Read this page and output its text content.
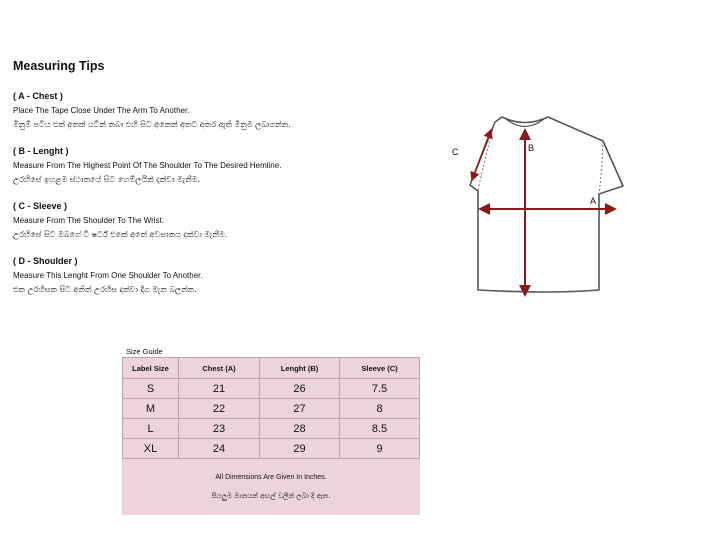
Measuring Tips
( A - Chest )
Place The Tape Close Under The Arm To Another.
මිනුම් පටිය එක් අතක් යටින් තබා එහි සිට අනෙක් අතට අතර ඇති මිනුම ලබාගන්න.
( B - Lenght )
Measure From The Highest Point Of The Shoulder To The Desired Hemline.
උරහිසේ ඉහළම ස්ථානයේ සිට හෙම්ලයින් දක්වා මැනීම.
( C - Sleeve )
Measure From The Shoulder To The Wrist.
උරහිසේ සිට ඔබගේ ටී ෂර්ට් එකේ අතේ අවසානය දක්වා මැනීම.
( D - Shoulder )
Measure This Lenght From One Shoulder To Another.
එක උරහිසක සිට අනිත් උරහිස දක්වා දිග මැන බලන්න.
A
B
C
Size Guide
Label Size	Chest (A)	Lenght (B)	Sleeve (C)
S	21	26	7.5
M	22	27	8
L	23	28	8.5
XL	24	29	9

All Dimensions Are Given In Inches.
සියලුම මානයන් අඟල් වලින් ලබා දී ඇත.			
